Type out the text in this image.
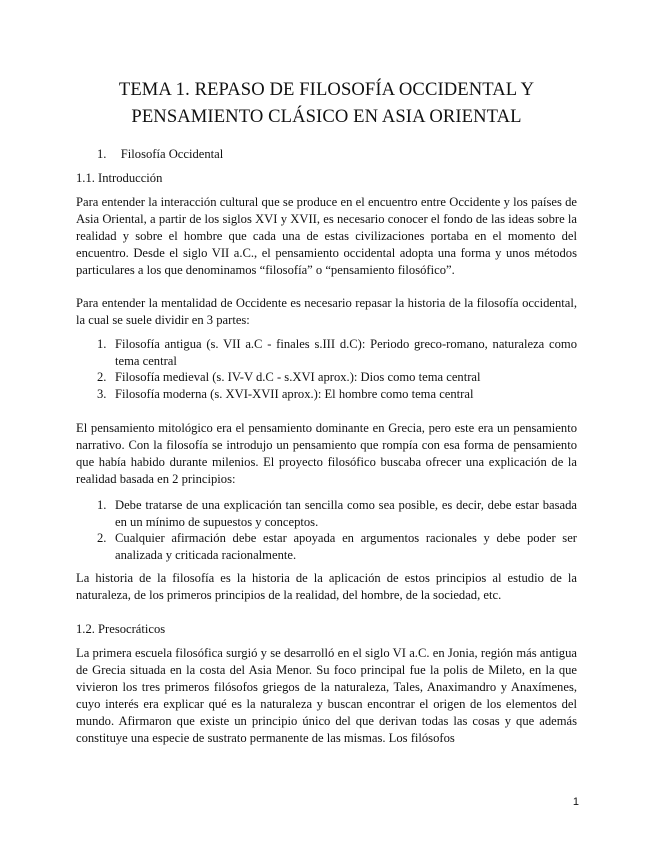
TEMA 1. REPASO DE FILOSOFÍA OCCIDENTAL Y PENSAMIENTO CLÁSICO EN ASIA ORIENTAL

1. Filosofía Occidental

1.1. Introducción

Para entender la interacción cultural que se produce en el encuentro entre Occidente y los países de Asia Oriental, a partir de los siglos XVI y XVII, es necesario conocer el fondo de las ideas sobre la realidad y sobre el hombre que cada una de estas civilizaciones portaba en el momento del encuentro. Desde el siglo VII a.C., el pensamiento occidental adopta una forma y unos métodos particulares a los que denominamos “filosofía” o “pensamiento filosófico”.

Para entender la mentalidad de Occidente es necesario repasar la historia de la filosofía occidental, la cual se suele dividir en 3 partes:

1. Filosofía antigua (s. VII a.C - finales s.III d.C): Periodo greco-romano, naturaleza como tema central
2. Filosofía medieval (s. IV-V d.C - s.XVI aprox.): Dios como tema central
3. Filosofía moderna (s. XVI-XVII aprox.): El hombre como tema central

El pensamiento mitológico era el pensamiento dominante en Grecia, pero este era un pensamiento narrativo. Con la filosofía se introdujo un pensamiento que rompía con esa forma de pensamiento que había habido durante milenios. El proyecto filosófico buscaba ofrecer una explicación de la realidad basada en 2 principios:

1. Debe tratarse de una explicación tan sencilla como sea posible, es decir, debe estar basada en un mínimo de supuestos y conceptos.
2. Cualquier afirmación debe estar apoyada en argumentos racionales y debe poder ser analizada y criticada racionalmente.

La historia de la filosofía es la historia de la aplicación de estos principios al estudio de la naturaleza, de los primeros principios de la realidad, del hombre, de la sociedad, etc.

1.2. Presocráticos

La primera escuela filosófica surgió y se desarrolló en el siglo VI a.C. en Jonia, región más antigua de Grecia situada en la costa del Asia Menor. Su foco principal fue la polis de Mileto, en la que vivieron los tres primeros filósofos griegos de la naturaleza, Tales, Anaximandro y Anaxímenes, cuyo interés era explicar qué es la naturaleza y buscan encontrar el origen de los elementos del mundo. Afirmaron que existe un principio único del que derivan todas las cosas y que además constituye una especie de sustrato permanente de las mismas. Los filósofos

1
